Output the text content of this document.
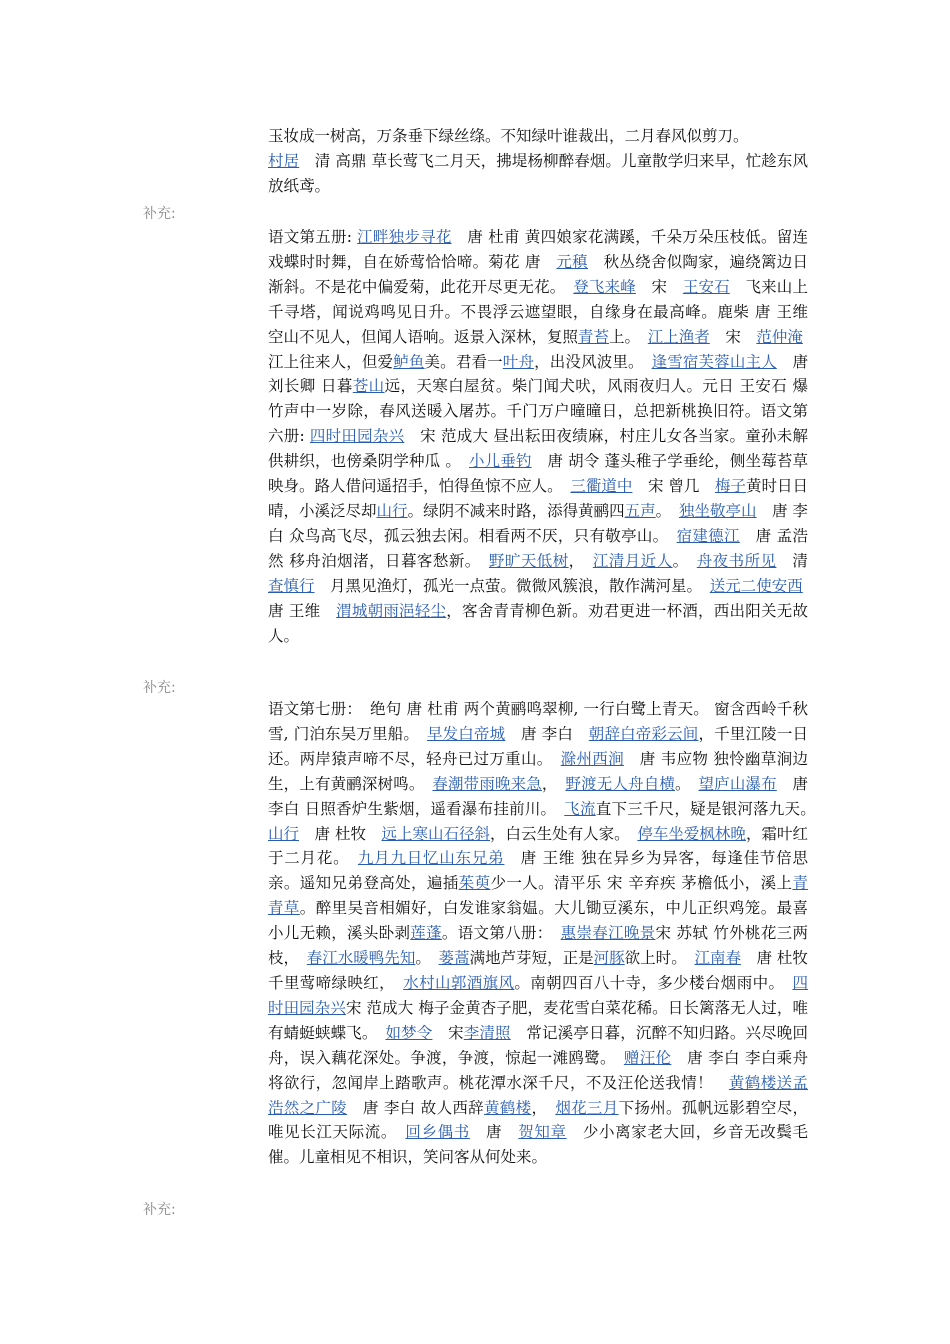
玉妆成一树高，万条垂下绿丝绦。不知绿叶谁裁出，二月春风似剪刀。
村居　清 高鼎 草长莺飞二月天，拂堤杨柳醉春烟。儿童散学归来早，忙趁东风放纸鸢。
补充:
语文第五册: 江畔独步寻花　唐 杜甫 黄四娘家花满蹊，千朵万朵压枝低。留连戏蝶时时舞，自在娇莺恰恰啼。菊花 唐　元稹　秋丛绕舍似陶家，遍绕篱边日渐斜。不是花中偏爱菊，此花开尽更无花。　登飞来峰　宋　王安石　飞来山上千寻塔，闻说鸡鸣见日升。不畏浮云遮望眼，自缘身在最高峰。鹿柴 唐 王维 空山不见人，但闻人语响。返景入深林，复照青苔上。　江上渔者　宋　范仲淹　江上往来人，但爱鲈鱼美。君看一叶舟，出没风波里。　逢雪宿芙蓉山主人　唐 刘长卿 日暮苍山远，天寒白屋贫。柴门闻犬吠，风雨夜归人。元日 王安石 爆竹声中一岁除，春风送暖入屠苏。千门万户曈曈日，总把新桃换旧符。语文第六册: 四时田园杂兴　宋 范成大 昼出耘田夜绩麻，村庄儿女各当家。童孙未解供耕织，也傍桑阴学种瓜 。　小儿垂钓　唐 胡令 蓬头稚子学垂纶，侧坐莓苔草映身。路人借问遥招手，怕得鱼惊不应人。　三衢道中　宋 曾几　梅子黄时日日晴，小溪泛尽却山行。绿阴不减来时路，添得黄鹂四五声。　独坐敬亭山　唐 李白 众鸟高飞尽，孤云独去闲。相看两不厌，只有敬亭山。　宿建德江　唐 孟浩然 移舟泊烟渚，日暮客愁新。　野旷天低树，　江清月近人。　舟夜书所见　清　查慎行　月黑见渔灯，孤光一点萤。微微风簇浪，散作满河星。　送元二使安西　唐 王维　渭城朝雨浥轻尘，客舍青青柳色新。劝君更进一杯酒，西出阳关无故人。
补充:
语文第七册：　绝句 唐 杜甫 两个黄鹂鸣翠柳, 一行白鹭上青天。 窗含西岭千秋雪, 门泊东吴万里船。　早发白帝城　唐 李白　朝辞白帝彩云间，千里江陵一日还。两岸猿声啼不尽，轻舟已过万重山。　滁州西涧　唐 韦应物 独怜幽草涧边生，上有黄鹂深树鸣。　春潮带雨晚来急，　野渡无人舟自横。　望庐山瀑布　唐 李白 日照香炉生紫烟，遥看瀑布挂前川。　飞流直下三千尺，疑是银河落九天。　山行　唐 杜牧　远上寒山石径斜，白云生处有人家。　停车坐爱枫林晚，霜叶红于二月花。　九月九日忆山东兄弟　唐 王维 独在异乡为异客，每逢佳节倍思亲。遥知兄弟登高处，遍插茱萸少一人。清平乐 宋 辛弃疾 茅檐低小，溪上青青草。醉里吴音相媚好，白发谁家翁媪。大儿锄豆溪东，中儿正织鸡笼。最喜小儿无赖，溪头卧剥莲蓬。语文第八册：　惠崇春江晚景宋 苏轼 竹外桃花三两枝，　春江水暖鸭先知。　蒌蒿满地芦芽短，正是河豚欲上时。　江南春　唐 杜牧 千里莺啼绿映红，　水村山郭酒旗风。南朝四百八十寺，多少楼台烟雨中。　四时田园杂兴宋 范成大 梅子金黄杏子肥，麦花雪白菜花稀。日长篱落无人过，唯有蜻蜓蛱蝶飞。　如梦令　宋李清照　常记溪亭日暮，沉醉不知归路。兴尽晚回舟，误入藕花深处。争渡，争渡，惊起一滩鸥鹭。　赠汪伦　唐 李白 李白乘舟将欲行，忽闻岸上踏歌声。桃花潭水深千尺，不及汪伦送我情！　黄鹤楼送孟浩然之广陵　唐 李白 故人西辞黄鹤楼，　烟花三月下扬州。孤帆远影碧空尽，唯见长江天际流。　回乡偶书　唐　贺知章　少小离家老大回，乡音无改鬓毛催。儿童相见不相识，笑问客从何处来。
补充:
